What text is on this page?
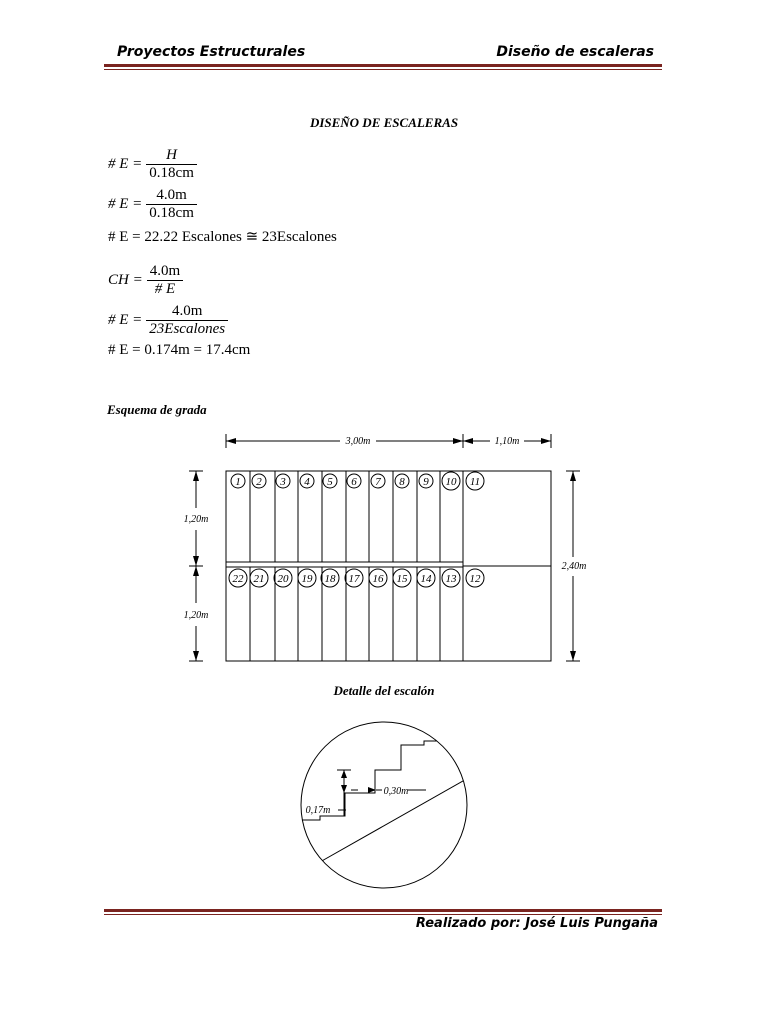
Proyectos Estructurales	Diseño de escaleras
DISEÑO DE ESCALERAS
# $E = \frac{H}{0.18cm}$
# $E = \frac{4.0m}{0.18cm}$
# E = 22.22 Escalones ≅ 23Escalones
CH = $\frac{4.0m}{\# E}$
# $E = \frac{4.0m}{\text{23Escalones}}$
# E = 0.174m = 17.4cm
Esquema de grada
1 2 3 4 5 6 7 8 9 10 11
22 21 20 19 18 17 16 15 14 13 12
3,00m	1,10m
1,20m
1,20m
2,40m
Detalle del escalón
0,30m
0,17m
Realizado por: José Luis Pungaña
